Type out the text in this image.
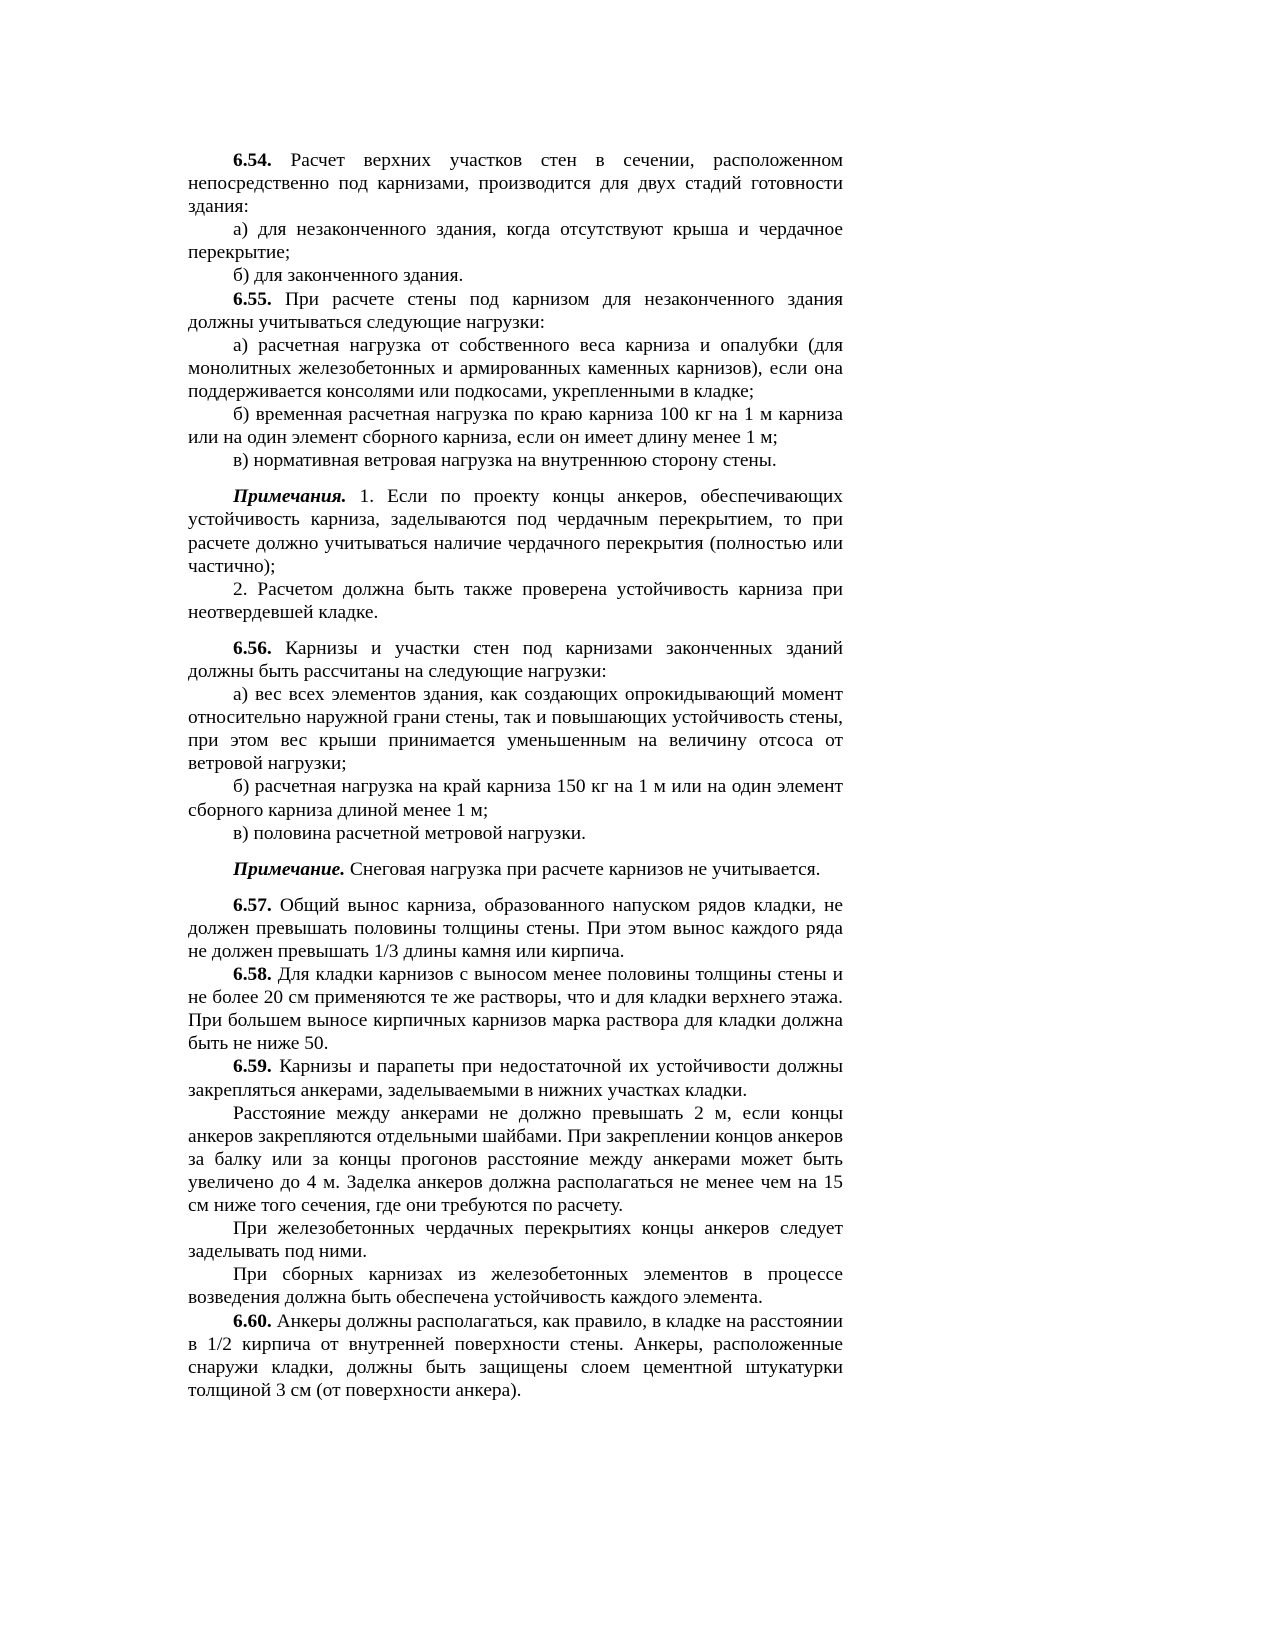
6.54. Расчет верхних участков стен в сечении, расположенном непосредственно под карнизами, производится для двух стадий готовности здания:

а) для незаконченного здания, когда отсутствуют крыша и чердачное перекрытие;

б) для законченного здания.

6.55. При расчете стены под карнизом для незаконченного здания должны учитываться следующие нагрузки:

а) расчетная нагрузка от собственного веса карниза и опалубки (для монолитных железобетонных и армированных каменных карнизов), если она поддерживается консолями или подкосами, укрепленными в кладке;

б) временная расчетная нагрузка по краю карниза 100 кг на 1 м карниза или на один элемент сборного карниза, если он имеет длину менее 1 м;

в) нормативная ветровая нагрузка на внутреннюю сторону стены.

Примечания. 1. Если по проекту концы анкеров, обеспечивающих устойчивость карниза, заделываются под чердачным перекрытием, то при расчете должно учитываться наличие чердачного перекрытия (полностью или частично);

2. Расчетом должна быть также проверена устойчивость карниза при неотвердевшей кладке.

6.56. Карнизы и участки стен под карнизами законченных зданий должны быть рассчитаны на следующие нагрузки:

а) вес всех элементов здания, как создающих опрокидывающий момент относительно наружной грани стены, так и повышающих устойчивость стены, при этом вес крыши принимается уменьшенным на величину отсоса от ветровой нагрузки;

б) расчетная нагрузка на край карниза 150 кг на 1 м или на один элемент сборного карниза длиной менее 1 м;

в) половина расчетной метровой нагрузки.

Примечание. Снеговая нагрузка при расчете карнизов не учитывается.

6.57. Общий вынос карниза, образованного напуском рядов кладки, не должен превышать половины толщины стены. При этом вынос каждого ряда не должен превышать 1/3 длины камня или кирпича.

6.58. Для кладки карнизов с выносом менее половины толщины стены и не более 20 см применяются те же растворы, что и для кладки верхнего этажа. При большем выносе кирпичных карнизов марка раствора для кладки должна быть не ниже 50.

6.59. Карнизы и парапеты при недостаточной их устойчивости должны закрепляться анкерами, заделываемыми в нижних участках кладки.

Расстояние между анкерами не должно превышать 2 м, если концы анкеров закрепляются отдельными шайбами. При закреплении концов анкеров за балку или за концы прогонов расстояние между анкерами может быть увеличено до 4 м. Заделка анкеров должна располагаться не менее чем на 15 см ниже того сечения, где они требуются по расчету.

При железобетонных чердачных перекрытиях концы анкеров следует заделывать под ними.

При сборных карнизах из железобетонных элементов в процессе возведения должна быть обеспечена устойчивость каждого элемента.

6.60. Анкеры должны располагаться, как правило, в кладке на расстоянии в 1/2 кирпича от внутренней поверхности стены. Анкеры, расположенные снаружи кладки, должны быть защищены слоем цементной штукатурки толщиной 3 см (от поверхности анкера).
